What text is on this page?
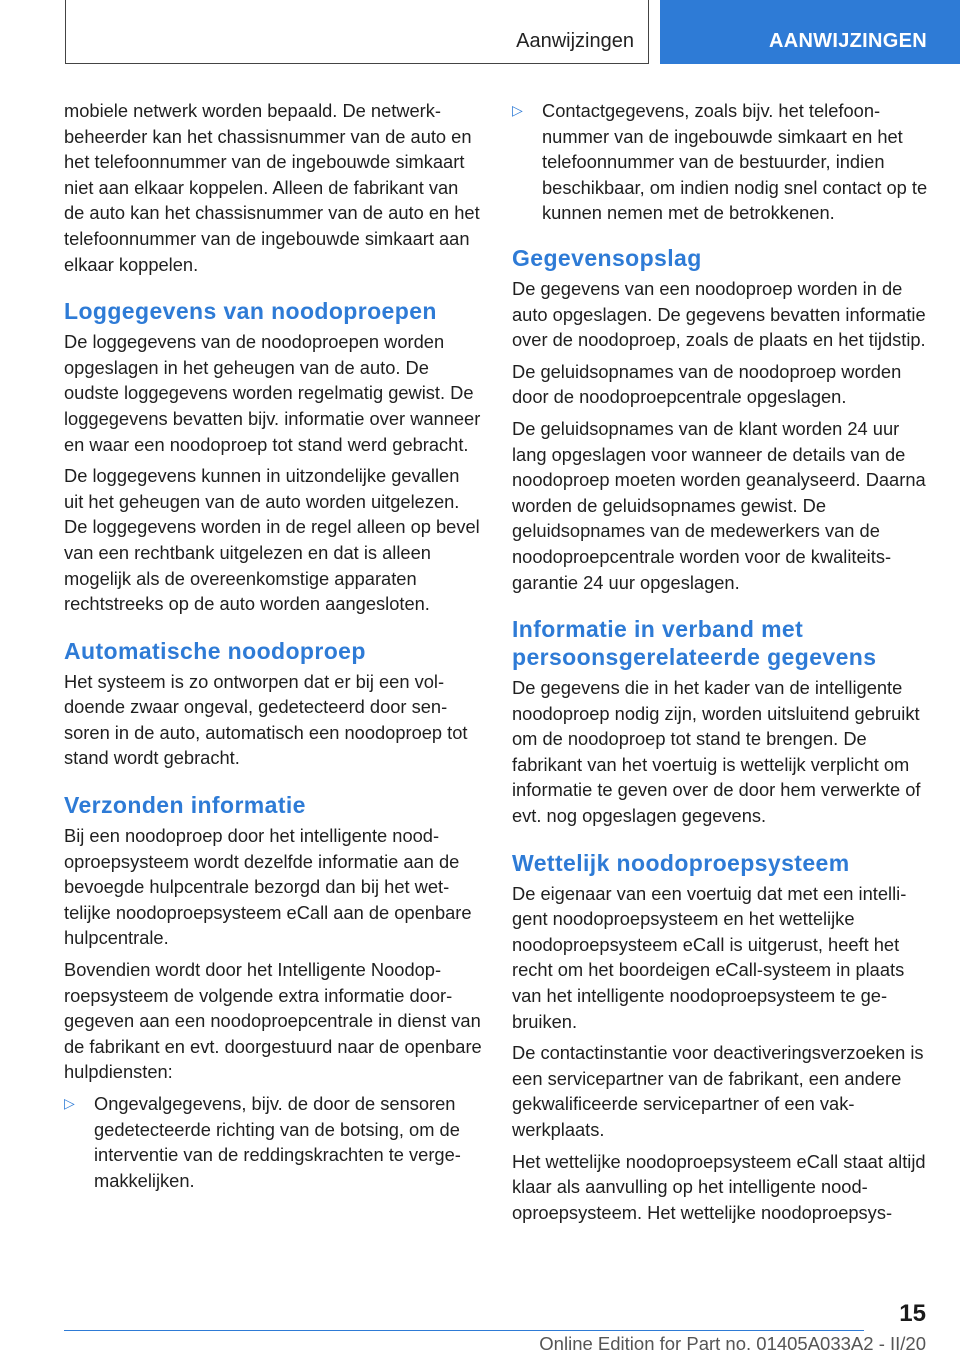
Aanwijzingen	AANWIJZINGEN

mobiele netwerk worden bepaald. De netwerkbeheerder kan het chassisnummer van de auto en het telefoonnummer van de ingebouwde simkaart niet aan elkaar koppelen. Alleen de fabrikant van de auto kan het chassisnummer van de auto en het telefoonnummer van de ingebouwde simkaart aan elkaar koppelen.

Loggegevens van noodoproepen

De loggegevens van de noodoproepen worden opgeslagen in het geheugen van de auto. De oudste loggegevens worden regelmatig gewist. De loggegevens bevatten bijv. informatie over wanneer en waar een noodoproep tot stand werd gebracht.

De loggegevens kunnen in uitzondelijke gevallen uit het geheugen van de auto worden uitgelezen. De loggegevens worden in de regel alleen op bevel van een rechtbank uitgelezen en dat is alleen mogelijk als de overeenkomstige apparaten rechtstreeks op de auto worden aangesloten.

Automatische noodoproep

Het systeem is zo ontworpen dat er bij een voldoende zwaar ongeval, gedetecteerd door sensoren in de auto, automatisch een noodoproep tot stand wordt gebracht.

Verzonden informatie

Bij een noodoproep door het intelligente noodoproepsysteem wordt dezelfde informatie aan de bevoegde hulpcentrale bezorgd dan bij het wettelijke noodoproepsysteem eCall aan de openbare hulpcentrale.

Bovendien wordt door het Intelligente Noodoproepsysteem de volgende extra informatie doorgegeven aan een noodoproepcentrale in dienst van de fabrikant en evt. doorgestuurd naar de openbare hulpdiensten:

▷	Ongevalgegevens, bijv. de door de sensoren gedetecteerde richting van de botsing, om de interventie van de reddingskrachten te vergemakkelijken.
▷	Contactgegevens, zoals bijv. het telefoonnummer van de ingebouwde simkaart en het telefoonnummer van de bestuurder, indien beschikbaar, om indien nodig snel contact op te kunnen nemen met de betrokkenen.
Gegevensopslag

De gegevens van een noodoproep worden in de auto opgeslagen. De gegevens bevatten informatie over de noodoproep, zoals de plaats en het tijdstip.

De geluidsopnames van de noodoproep worden door de noodoproepcentrale opgeslagen.

De geluidsopnames van de klant worden 24 uur lang opgeslagen voor wanneer de details van de noodoproep moeten worden geanalyseerd. Daarna worden de geluidsopnames gewist. De geluidsopnames van de medewerkers van de noodoproepcentrale worden voor de kwaliteitsgarantie 24 uur opgeslagen.

Informatie in verband met persoonsgerelateerde gegevens

De gegevens die in het kader van de intelligente noodoproep nodig zijn, worden uitsluitend gebruikt om de noodoproep tot stand te brengen. De fabrikant van het voertuig is wettelijk verplicht om informatie te geven over de door hem verwerkte of evt. nog opgeslagen gegevens.

Wettelijk noodoproepsysteem

De eigenaar van een voertuig dat met een intelligent noodoproepsysteem en het wettelijke noodoproepsysteem eCall is uitgerust, heeft het recht om het boordeigen eCall-systeem in plaats van het intelligente noodoproepsysteem te gebruiken.

De contactinstantie voor deactiveringsverzoeken is een servicepartner van de fabrikant, een andere gekwalificeerde servicepartner of een vakwerkplaats.

Het wettelijke noodoproepsysteem eCall staat altijd klaar als aanvulling op het intelligente noodoproepsysteem. Het wettelijke noodoproepsys-

15
Online Edition for Part no. 01405A033A2 - II/20
